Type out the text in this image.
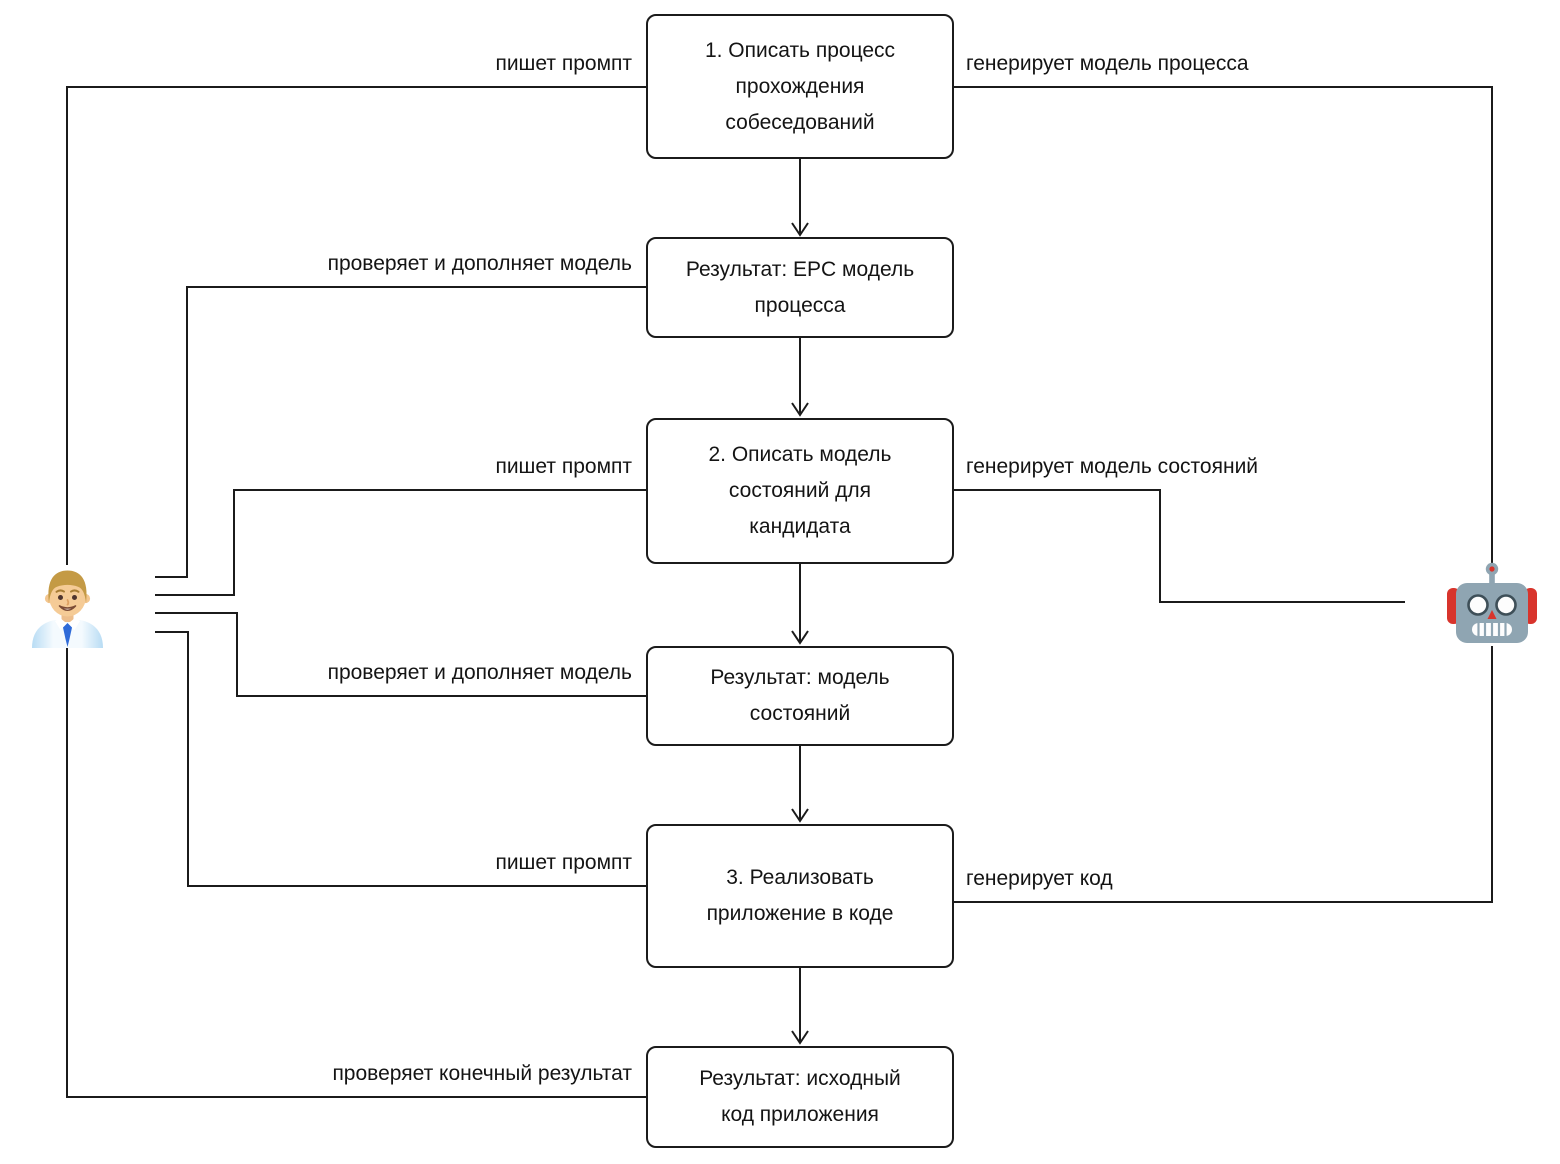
1. Описать процесс
прохождения
собеседований
Результат: EPC модель
процесса
2. Описать модель
состояний для
кандидата
Результат: модель
состояний
3. Реализовать
приложение в коде
Результат: исходный
код приложения
пишет промпт
проверяет и дополняет модель
пишет промпт
проверяет и дополняет модель
пишет промпт
проверяет конечный результат
генерирует модель процесса
генерирует модель состояний
генерирует код
